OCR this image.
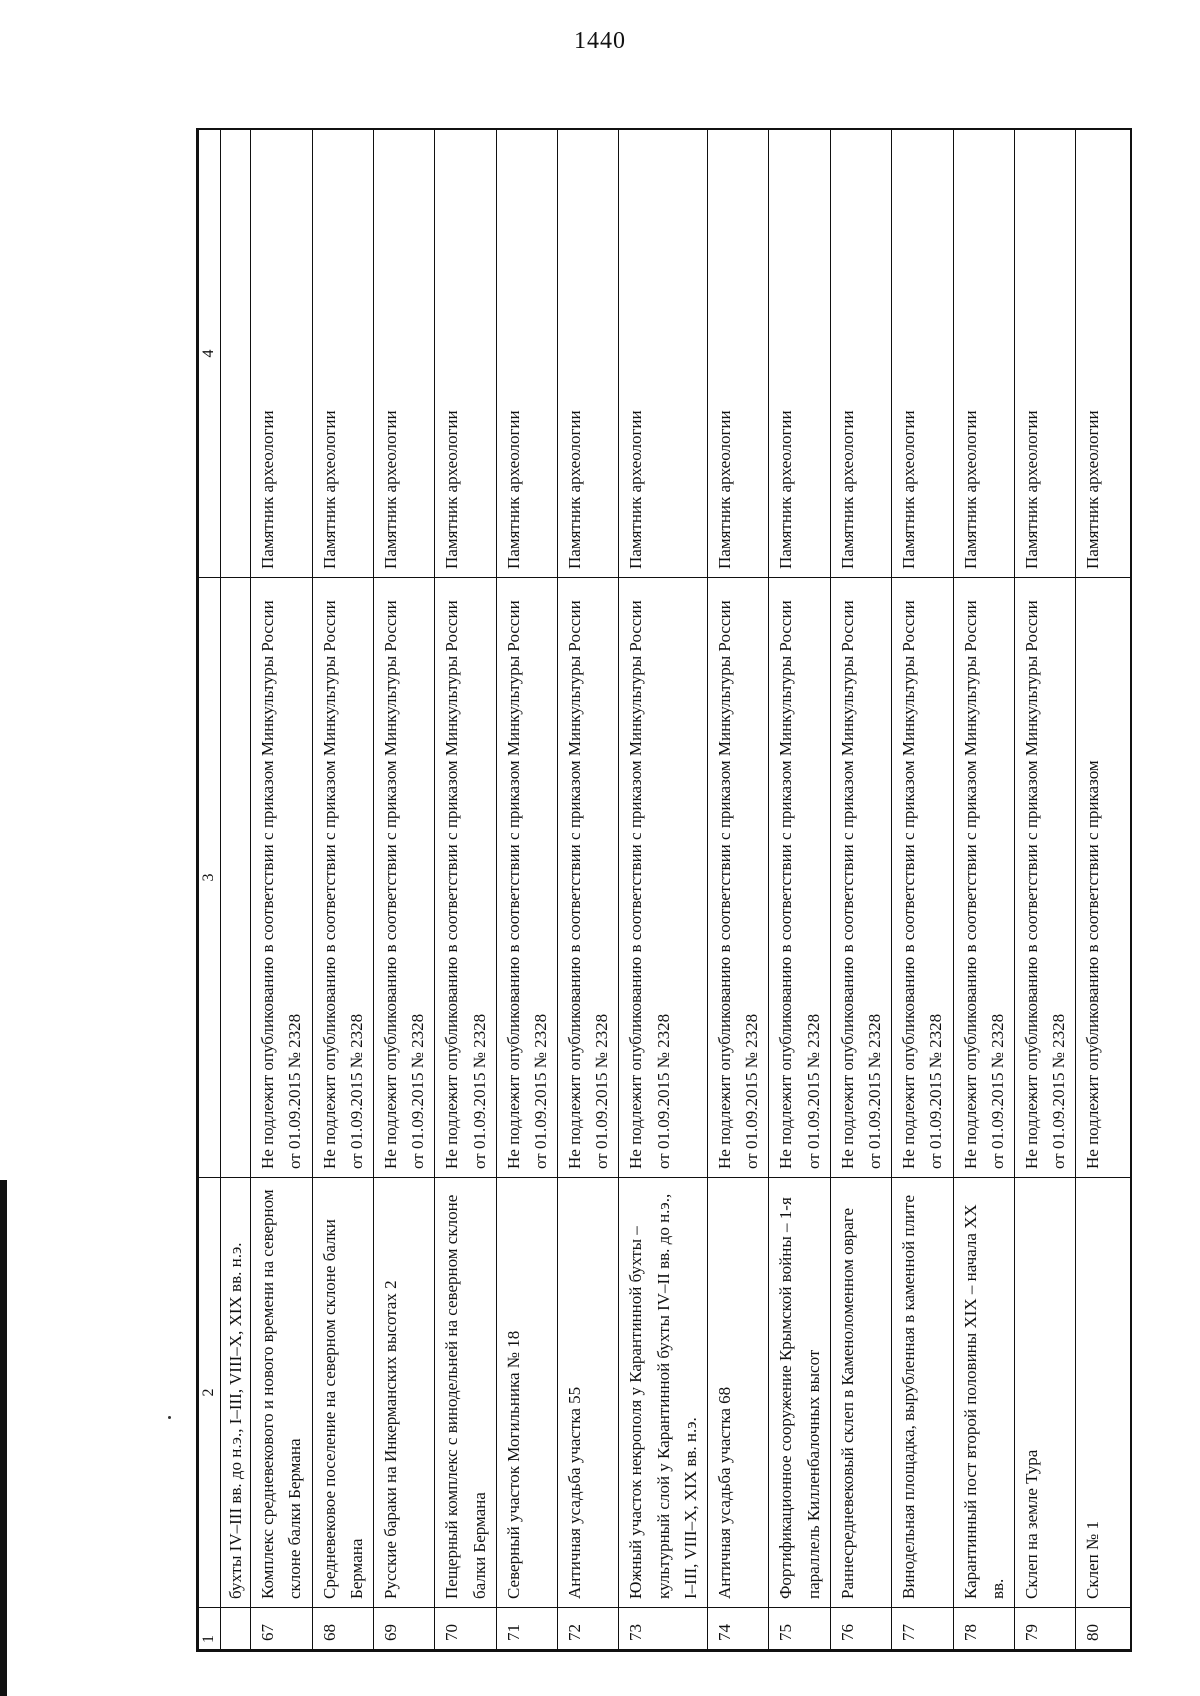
1440
1	2	3	4
	бухты IV–III вв. до н.э., I–III, VIII–X, XIX вв. н.э.		
67	Комплекс средневекового и нового времени на северном склоне балки Бермана	Не подлежит опубликованию в соответствии с приказом Минкультуры России от 01.09.2015 № 2328	Памятник археологии
68	Средневековое поселение на северном склоне балки Бермана	Не подлежит опубликованию в соответствии с приказом Минкультуры России от 01.09.2015 № 2328	Памятник археологии
69	Русские бараки на Инкерманских высотах 2	Не подлежит опубликованию в соответствии с приказом Минкультуры России от 01.09.2015 № 2328	Памятник археологии
70	Пещерный комплекс с винодельней на северном склоне балки Бермана	Не подлежит опубликованию в соответствии с приказом Минкультуры России от 01.09.2015 № 2328	Памятник археологии
71	Северный участок Могильника № 18	Не подлежит опубликованию в соответствии с приказом Минкультуры России от 01.09.2015 № 2328	Памятник археологии
72	Античная усадьба участка 55	Не подлежит опубликованию в соответствии с приказом Минкультуры России от 01.09.2015 № 2328	Памятник археологии
73	Южный участок некрополя у Карантинной бухты – культурный слой у Карантинной бухты IV–II вв. до н.э., I–III, VIII–X, XIX вв. н.э.	Не подлежит опубликованию в соответствии с приказом Минкультуры России от 01.09.2015 № 2328	Памятник археологии
74	Античная усадьба участка 68	Не подлежит опубликованию в соответствии с приказом Минкультуры России от 01.09.2015 № 2328	Памятник археологии
75	Фортификационное сооружение Крымской войны – 1-я параллель Килленбалочных высот	Не подлежит опубликованию в соответствии с приказом Минкультуры России от 01.09.2015 № 2328	Памятник археологии
76	Раннесредневековый склеп в Каменоломенном овраге	Не подлежит опубликованию в соответствии с приказом Минкультуры России от 01.09.2015 № 2328	Памятник археологии
77	Винодельная площадка, вырубленная в каменной плите	Не подлежит опубликованию в соответствии с приказом Минкультуры России от 01.09.2015 № 2328	Памятник археологии
78	Карантинный пост второй половины XIX – начала XX вв.	Не подлежит опубликованию в соответствии с приказом Минкультуры России от 01.09.2015 № 2328	Памятник археологии
79	Склеп на земле Тура	Не подлежит опубликованию в соответствии с приказом Минкультуры России от 01.09.2015 № 2328	Памятник археологии
80	Склеп № 1	Не подлежит опубликованию в соответствии с приказом	Памятник археологии
